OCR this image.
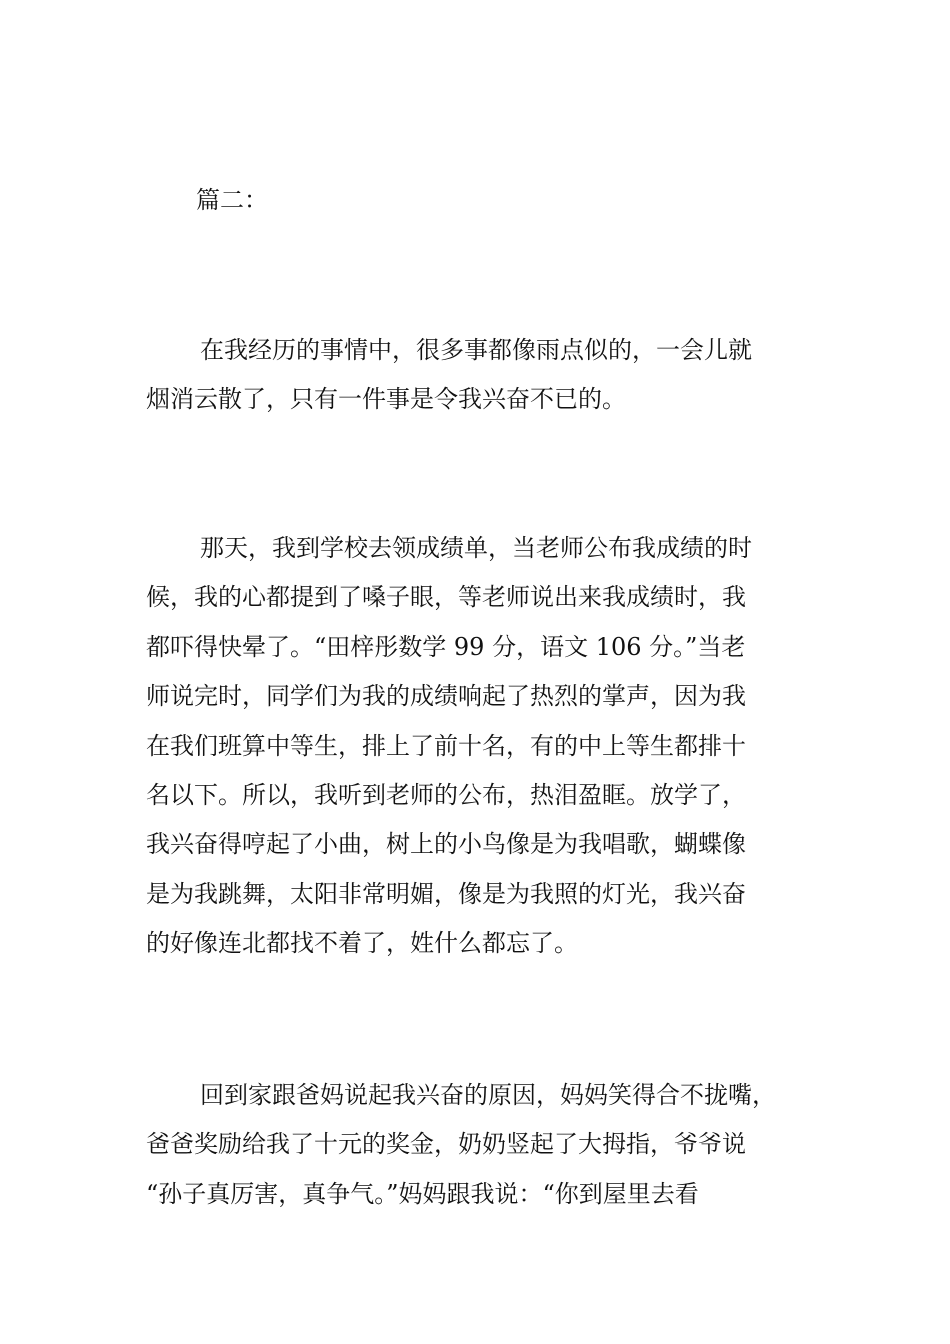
篇二：
在我经历的事情中，很多事都像雨点似的，一会儿就
烟消云散了，只有一件事是令我兴奋不已的。
那天，我到学校去领成绩单，当老师公布我成绩的时
候，我的心都提到了嗓子眼，等老师说出来我成绩时，我
都吓得快晕了。“田梓彤数学 99 分，语文 106 分。”当老
师说完时，同学们为我的成绩响起了热烈的掌声，因为我
在我们班算中等生，排上了前十名，有的中上等生都排十
名以下。所以，我听到老师的公布，热泪盈眶。放学了，
我兴奋得哼起了小曲，树上的小鸟像是为我唱歌，蝴蝶像
是为我跳舞，太阳非常明媚，像是为我照的灯光，我兴奋
的好像连北都找不着了，姓什么都忘了。
回到家跟爸妈说起我兴奋的原因，妈妈笑得合不拢嘴，
爸爸奖励给我了十元的奖金，奶奶竖起了大拇指，爷爷说
“孙子真厉害，真争气。”妈妈跟我说：“你到屋里去看
